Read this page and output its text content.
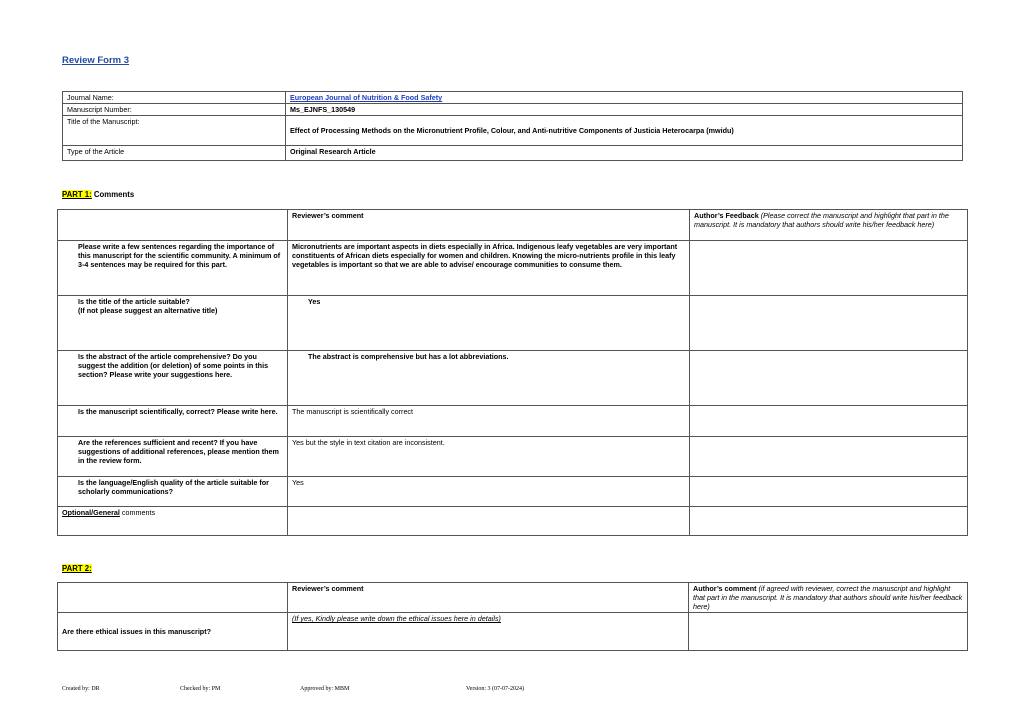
Review Form 3
Journal Name:	European Journal of Nutrition & Food Safety
Manuscript Number:	Ms_EJNFS_130549
Title of the Manuscript:	Effect of Processing Methods on the Micronutrient Profile, Colour, and Anti-nutritive Components of Justicia Heterocarpa (mwidu)
Type of the Article	Original Research Article
PART 1: Comments
	Reviewer’s comment	Author’s Feedback (Please correct the manuscript and highlight that part in the manuscript. It is mandatory that authors should write his/her feedback here)
Please write a few sentences regarding the importance of this manuscript for the scientific community. A minimum of 3-4 sentences may be required for this part.	Micronutrients are important aspects in diets especially in Africa. Indigenous leafy vegetables are very important constituents of African diets especially for women and children. Knowing the micro-nutrients profile in this leafy vegetables is important so that we are able to advise/ encourage communities to consume them.	
Is the title of the article suitable?
(If not please suggest an alternative title)	Yes	
Is the abstract of the article comprehensive? Do you suggest the addition (or deletion) of some points in this section? Please write your suggestions here.	The abstract is comprehensive but has a lot abbreviations.	
Is the manuscript scientifically, correct? Please write here.	The manuscript is scientifically correct	
Are the references sufficient and recent? If you have suggestions of additional references, please mention them in the review form.	Yes but the style in text citation are inconsistent.	
Is the language/English quality of the article suitable for scholarly communications?	Yes	
Optional/General comments		
PART 2:
	Reviewer’s comment	Author’s comment (if agreed with reviewer, correct the manuscript and highlight that part in the manuscript. It is mandatory that authors should write his/her feedback here)
Are there ethical issues in this manuscript?	(If yes, Kindly please write down the ethical issues here in details)	
Created by: DR	Checked by: PM	Approved by: MBM	Version: 3 (07-07-2024)
